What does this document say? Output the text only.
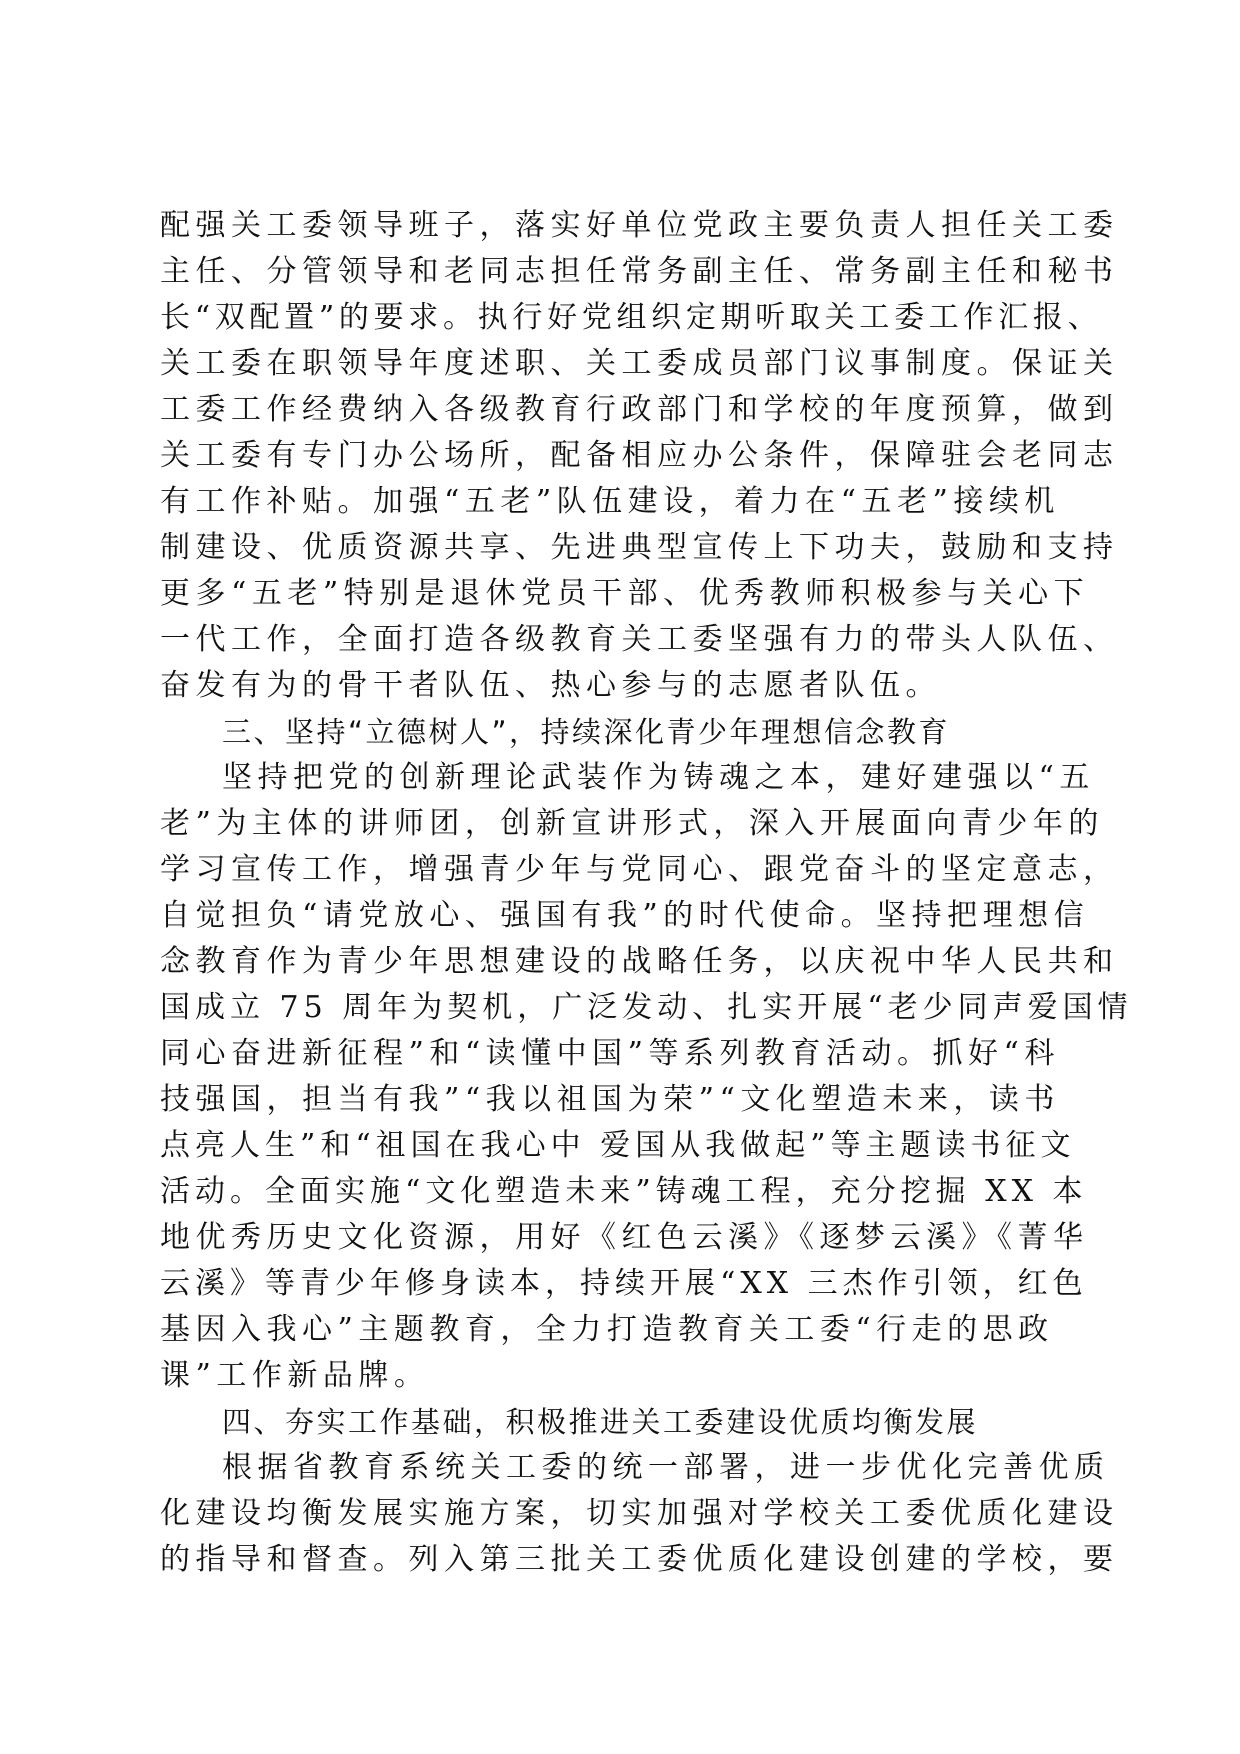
配强关工委领导班子，落实好单位党政主要负责人担任关工委
主任、分管领导和老同志担任常务副主任、常务副主任和秘书
长“双配置”的要求。执行好党组织定期听取关工委工作汇报、
关工委在职领导年度述职、关工委成员部门议事制度。保证关
工委工作经费纳入各级教育行政部门和学校的年度预算，做到
关工委有专门办公场所，配备相应办公条件，保障驻会老同志
有工作补贴。加强“五老”队伍建设，着力在“五老”接续机
制建设、优质资源共享、先进典型宣传上下功夫，鼓励和支持
更多“五老”特别是退休党员干部、优秀教师积极参与关心下
一代工作，全面打造各级教育关工委坚强有力的带头人队伍、
奋发有为的骨干者队伍、热心参与的志愿者队伍。
三、坚持“立德树人”，持续深化青少年理想信念教育
坚持把党的创新理论武装作为铸魂之本，建好建强以“五
老”为主体的讲师团，创新宣讲形式，深入开展面向青少年的
学习宣传工作，增强青少年与党同心、跟党奋斗的坚定意志，
自觉担负“请党放心、强国有我”的时代使命。坚持把理想信
念教育作为青少年思想建设的战略任务，以庆祝中华人民共和
国成立 75 周年为契机，广泛发动、扎实开展“老少同声爱国情
同心奋进新征程”和“读懂中国”等系列教育活动。抓好“科
技强国，担当有我”“我以祖国为荣”“文化塑造未来，读书
点亮人生”和“祖国在我心中 爱国从我做起”等主题读书征文
活动。全面实施“文化塑造未来”铸魂工程，充分挖掘 XX 本
地优秀历史文化资源，用好《红色云溪》《逐梦云溪》《菁华
云溪》等青少年修身读本，持续开展“XX 三杰作引领，红色
基因入我心”主题教育，全力打造教育关工委“行走的思政
课”工作新品牌。
四、夯实工作基础，积极推进关工委建设优质均衡发展
根据省教育系统关工委的统一部署，进一步优化完善优质
化建设均衡发展实施方案，切实加强对学校关工委优质化建设
的指导和督查。列入第三批关工委优质化建设创建的学校，要
